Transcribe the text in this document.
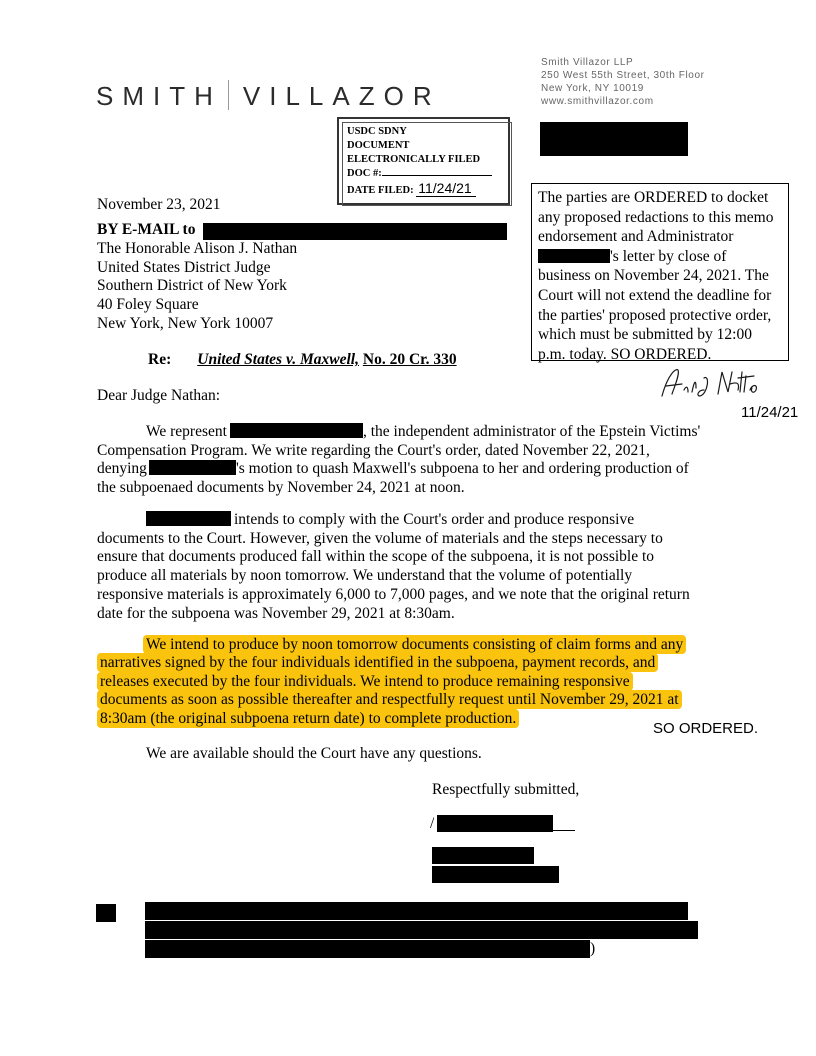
SMITH VILLAZOR
Smith Villazor LLP
250 West 55th Street, 30th Floor
New York, NY 10019
www.smithvillazor.com
USDC SDNY
DOCUMENT
ELECTRONICALLY FILED
DOC #:
DATE FILED: 11/24/21
The parties are ORDERED to docket any proposed redactions to this memo endorsement and Administrator
's letter by close of business on November 24, 2021. The Court will not extend the deadline for the parties' proposed protective order, which must be submitted by 12:00 p.m. today. SO ORDERED.
11/24/21
November 23, 2021
BY E-MAIL to
The Honorable Alison J. Nathan
United States District Judge
Southern District of New York
40 Foley Square
New York, New York 10007
Re: United States v. Maxwell, No. 20 Cr. 330
Dear Judge Nathan:
We represent	, the independent administrator of the Epstein Victims'
Compensation Program. We write regarding the Court's order, dated November 22, 2021,
denying	's motion to quash Maxwell's subpoena to her and ordering production of
the subpoenaed documents by November 24, 2021 at noon.
intends to comply with the Court's order and produce responsive
documents to the Court. However, given the volume of materials and the steps necessary to
ensure that documents produced fall within the scope of the subpoena, it is not possible to
produce all materials by noon tomorrow. We understand that the volume of potentially
responsive materials is approximately 6,000 to 7,000 pages, and we note that the original return
date for the subpoena was November 29, 2021 at 8:30am.
We intend to produce by noon tomorrow documents consisting of claim forms and any
narratives signed by the four individuals identified in the subpoena, payment records, and
releases executed by the four individuals. We intend to produce remaining responsive
documents as soon as possible thereafter and respectfully request until November 29, 2021 at
8:30am (the original subpoena return date) to complete production.
SO ORDERED.
We are available should the Court have any questions.
Respectfully submitted,
/
)
